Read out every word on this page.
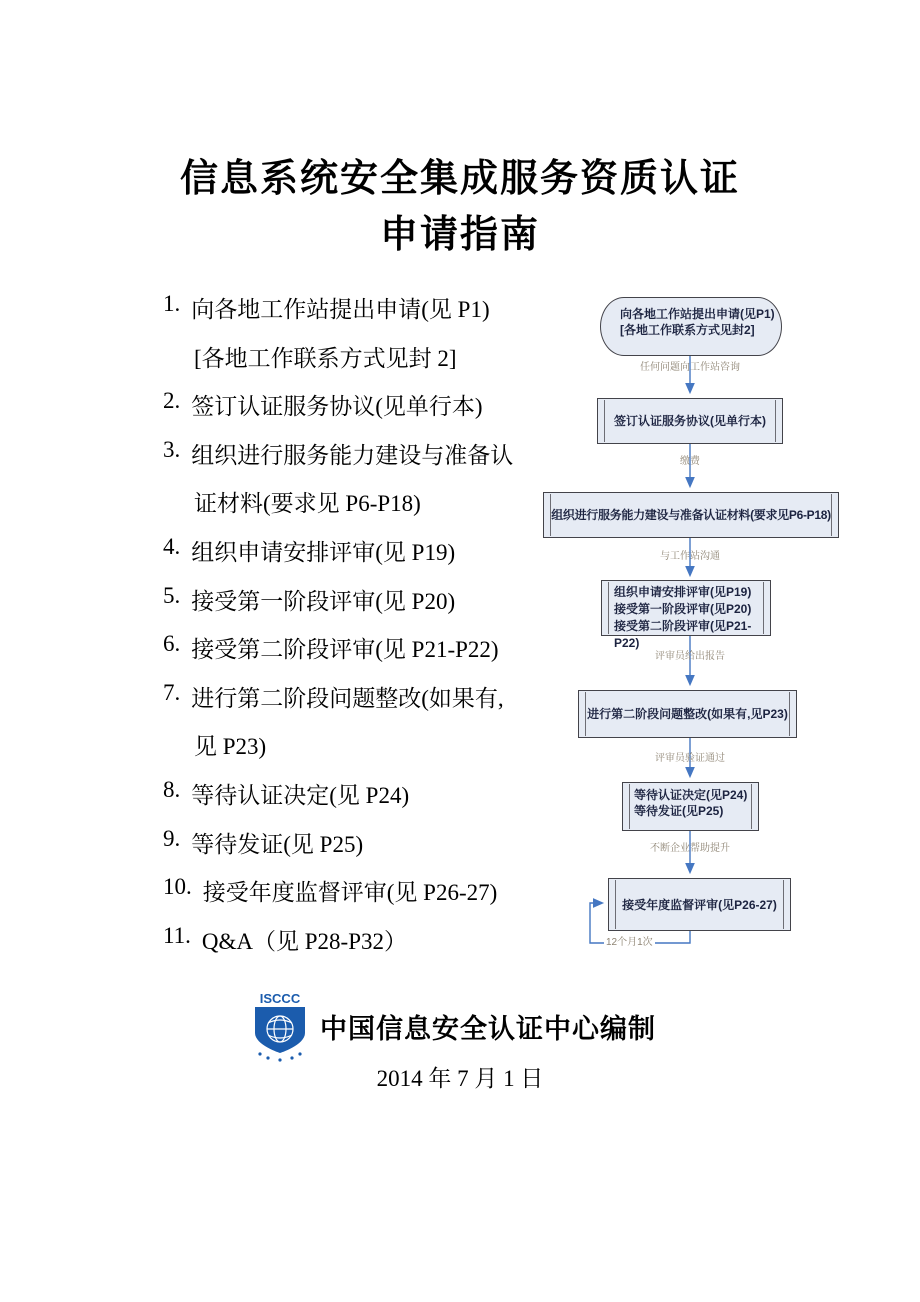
信息系统安全集成服务资质认证
申请指南
1. 向各地工作站提出申请(见 P1)
[各地工作联系方式见封 2]
2. 签订认证服务协议(见单行本)
3. 组织进行服务能力建设与准备认
证材料(要求见 P6-P18)
4. 组织申请安排评审(见 P19)
5. 接受第一阶段评审(见 P20)
6. 接受第二阶段评审(见 P21-P22)
7. 进行第二阶段问题整改(如果有,
见 P23)
8. 等待认证决定(见 P24)
9. 等待发证(见 P25)
10. 接受年度监督评审(见 P26-27)
11. Q&A（见 P28-P32）
向各地工作站提出申请(见P1)
[各地工作联系方式见封2]
签订认证服务协议(见单行本)
组织进行服务能力建设与准备认证材料(要求见P6-P18)
组织申请安排评审(见P19)
接受第一阶段评审(见P20)
接受第二阶段评审(见P21-P22)
进行第二阶段问题整改(如果有,见P23)
等待认证决定(见P24)
等待发证(见P25)
接受年度监督评审(见P26-27)
任何问题向工作站咨询
缴费
与工作站沟通
评审员给出报告
评审员验证通过
不断企业帮助提升
12个月1次
ISCCC
中国信息安全认证中心编制
2014 年 7 月 1 日
